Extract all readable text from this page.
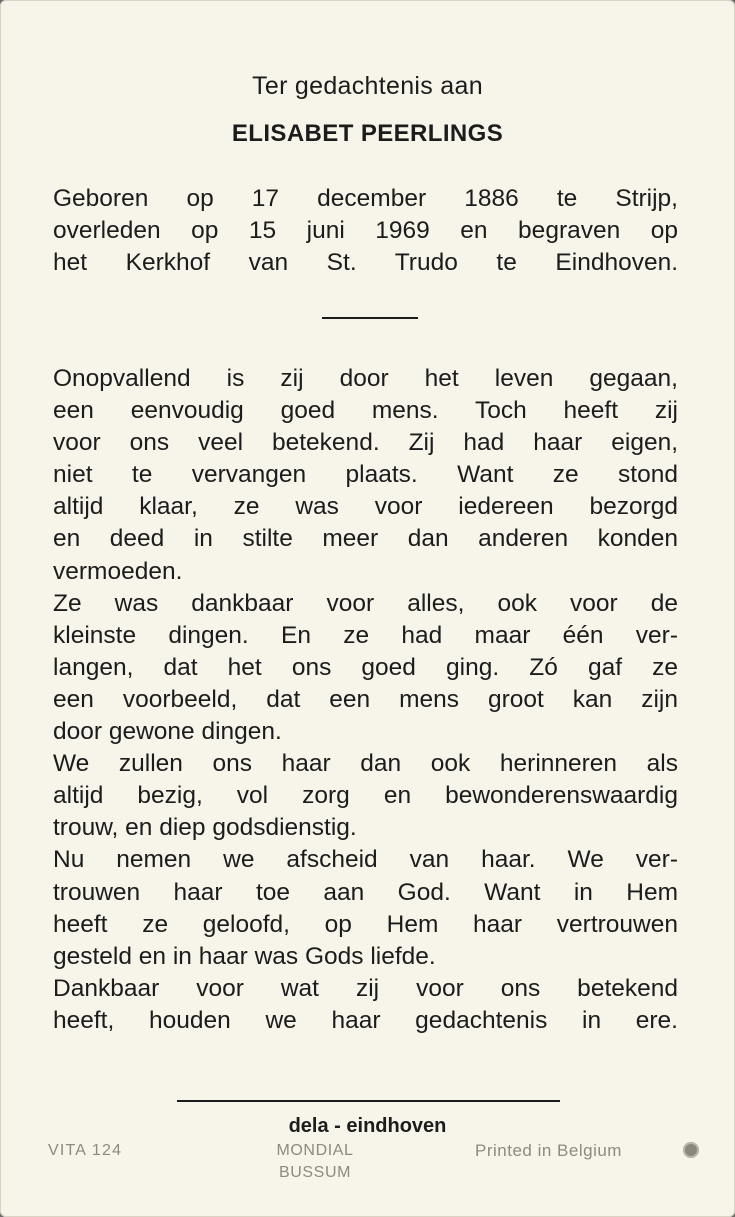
Ter gedachtenis aan
ELISABET PEERLINGS
Geboren op 17 december 1886 te Strijp,
overleden op 15 juni 1969 en begraven op
het Kerkhof van St. Trudo te Eindhoven.
Onopvallend is zij door het leven gegaan,
een eenvoudig goed mens. Toch heeft zij
voor ons veel betekend. Zij had haar eigen,
niet te vervangen plaats. Want ze stond
altijd klaar, ze was voor iedereen bezorgd
en deed in stilte meer dan anderen konden
vermoeden.
Ze was dankbaar voor alles, ook voor de
kleinste dingen. En ze had maar één ver-
langen, dat het ons goed ging. Zó gaf ze
een voorbeeld, dat een mens groot kan zijn
door gewone dingen.
We zullen ons haar dan ook herinneren als
altijd bezig, vol zorg en bewonderenswaardig
trouw, en diep godsdienstig.
Nu nemen we afscheid van haar. We ver-
trouwen haar toe aan God. Want in Hem
heeft ze geloofd, op Hem haar vertrouwen
gesteld en in haar was Gods liefde.
Dankbaar voor wat zij voor ons betekend
heeft, houden we haar gedachtenis in ere.
dela - eindhoven
VITA 124	MONDIAL
BUSSUM
Printed in Belgium
